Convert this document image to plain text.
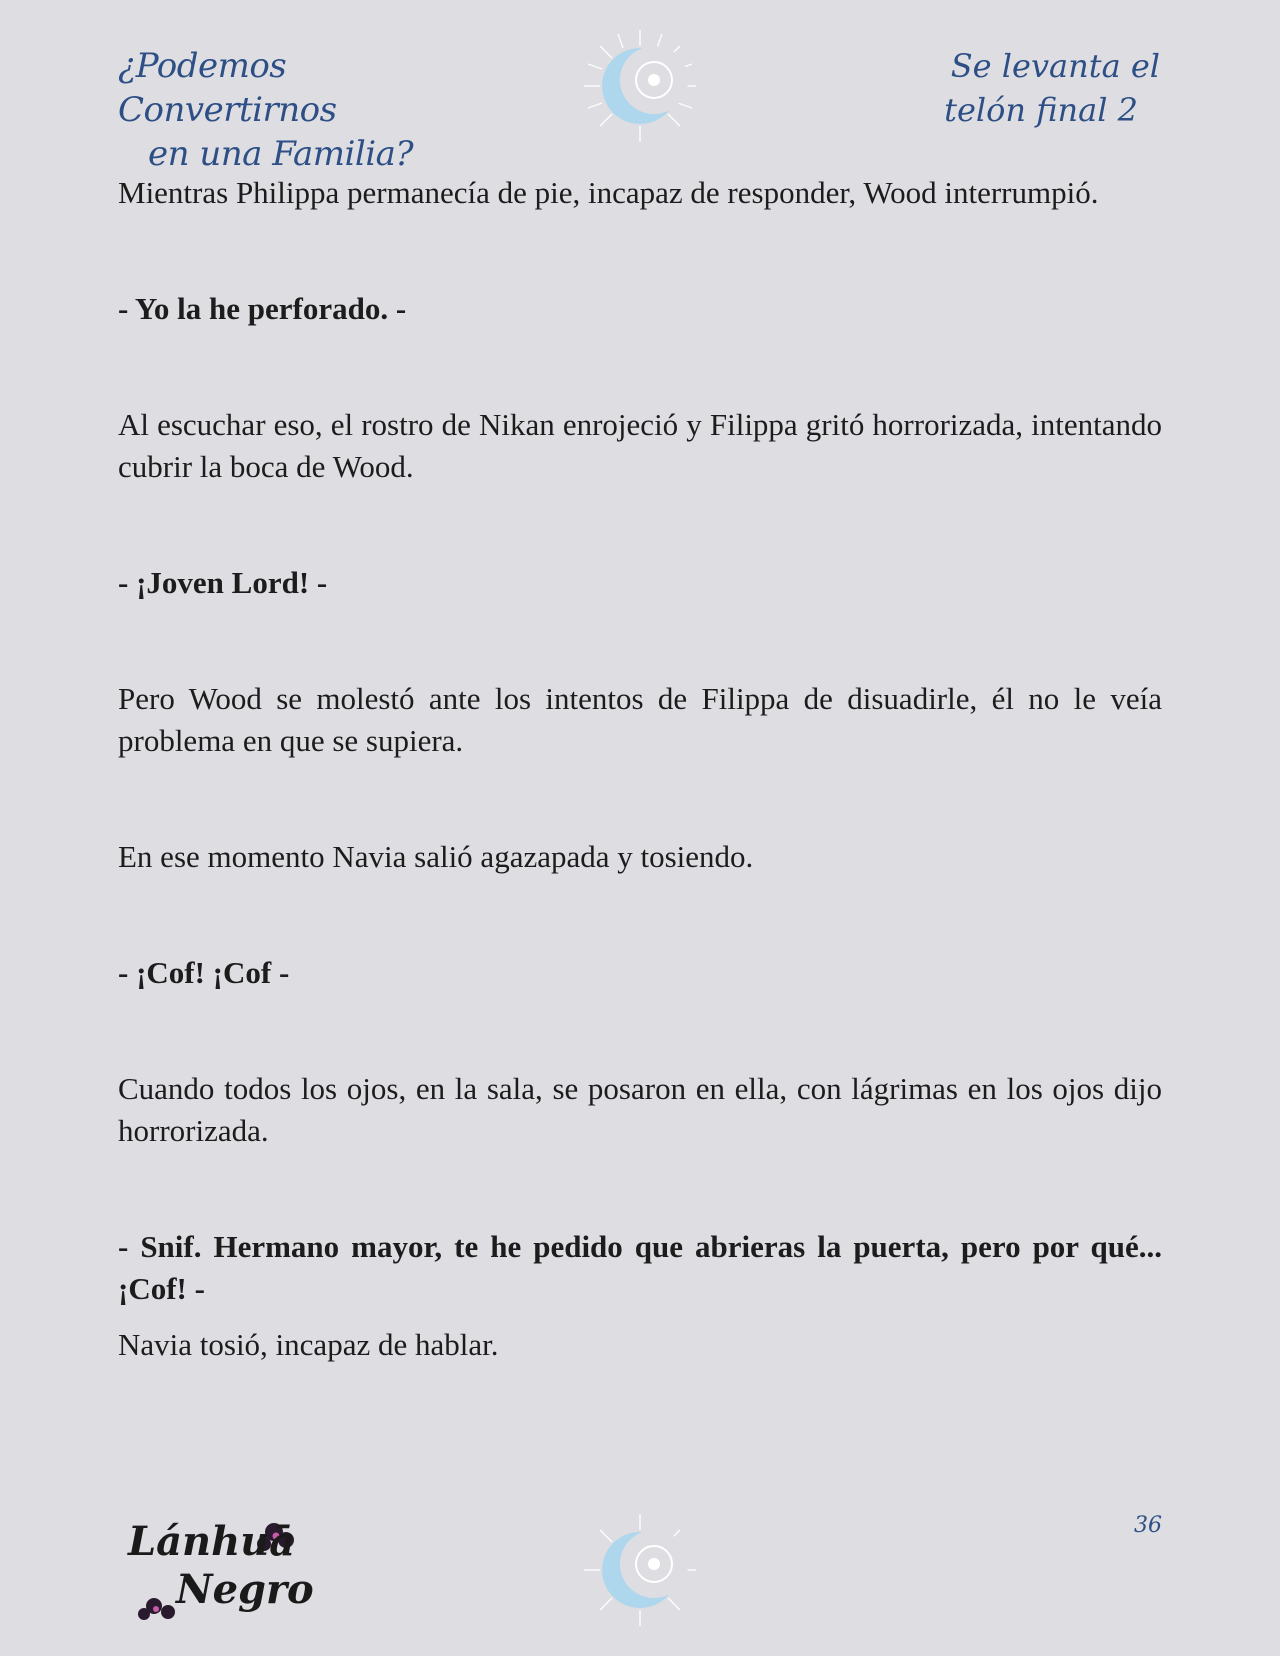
¿Podemos Convertirnos
en una Familia?
Se levanta el
telón final 2

Mientras Philippa permanecía de pie, incapaz de responder, Wood interrumpió.

- Yo la he perforado. -

Al escuchar eso, el rostro de Nikan enrojeció y Filippa gritó horrorizada, intentando cubrir la boca de Wood.

- ¡Joven Lord! -

Pero Wood se molestó ante los intentos de Filippa de disuadirle, él no le veía problema en que se supiera.

En ese momento Navia salió agazapada y tosiendo.

- ¡Cof! ¡Cof -

Cuando todos los ojos, en la sala, se posaron en ella, con lágrimas en los ojos dijo horrorizada.

- Snif. Hermano mayor, te he pedido que abrieras la puerta, pero por qué... ¡Cof! -

Navia tosió, incapaz de hablar.

Lánhuā
Negro
36
